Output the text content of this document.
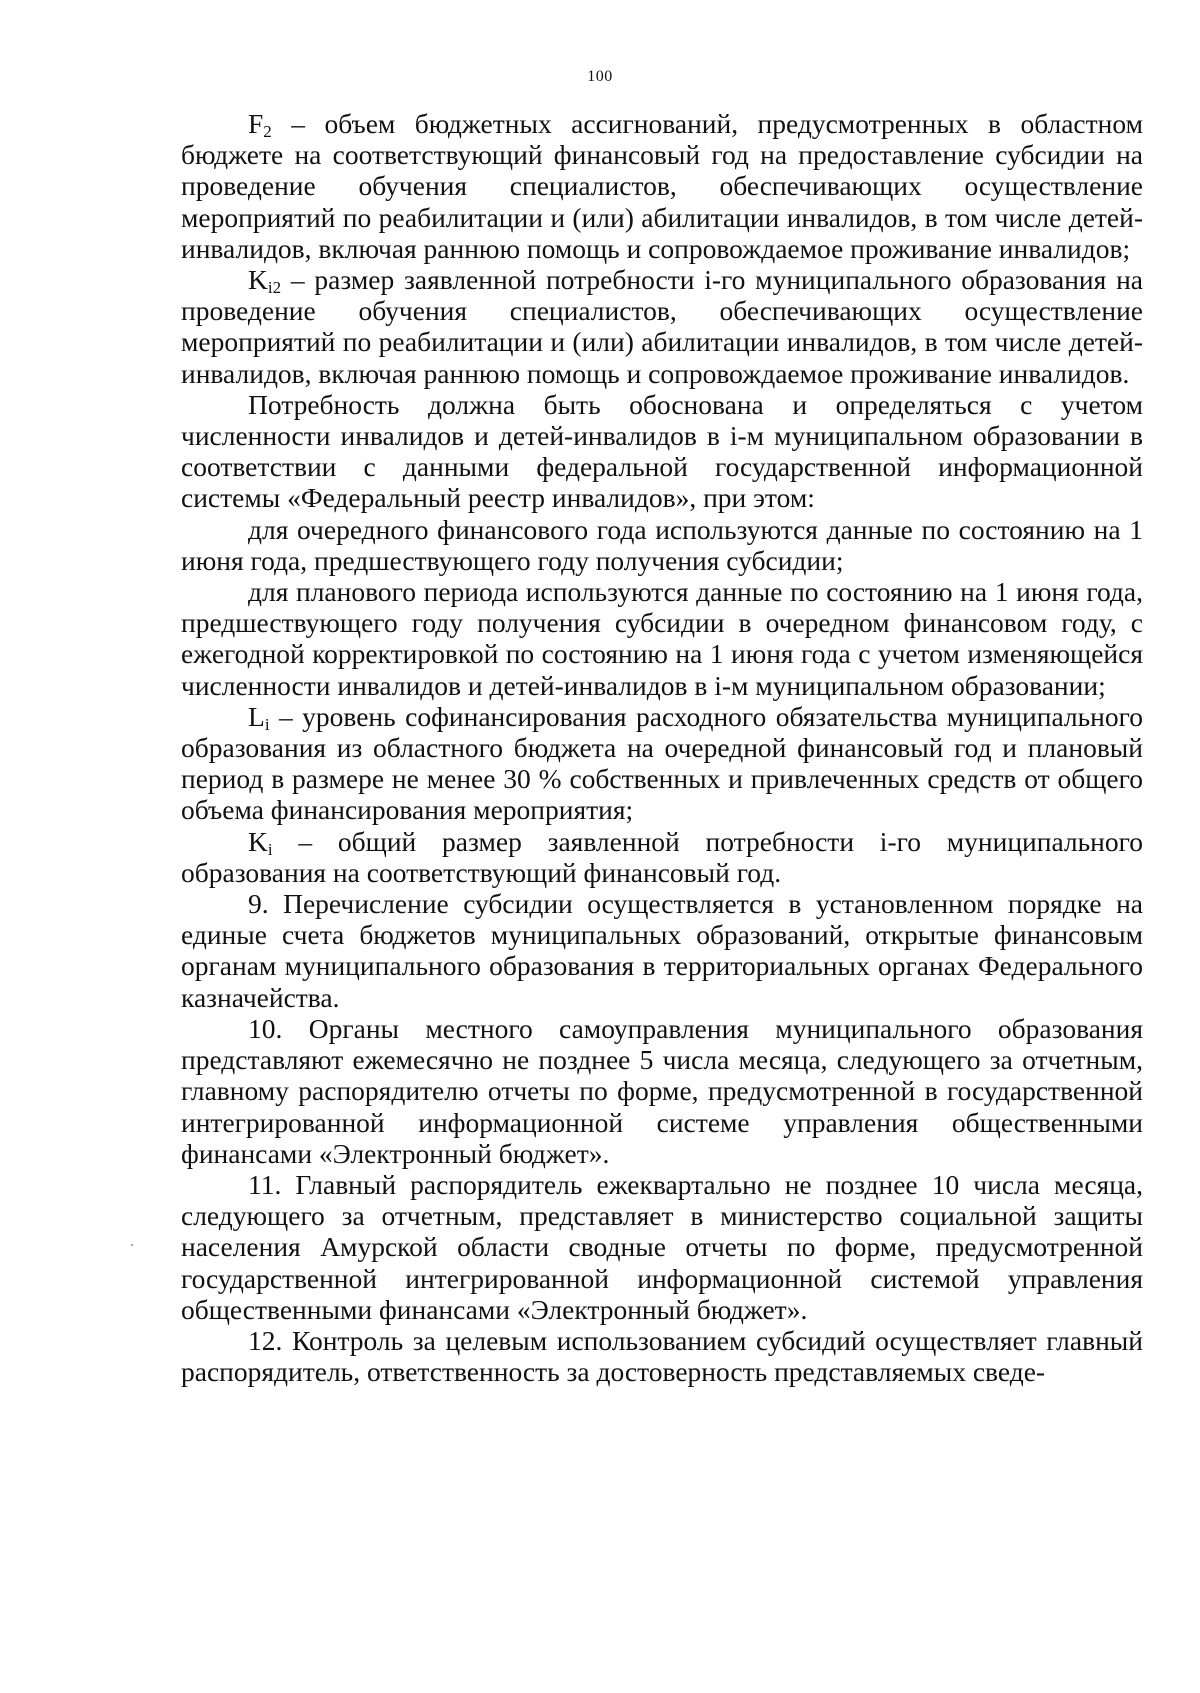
100

$F_2$ – объем бюджетных ассигнований, предусмотренных в областном бюджете на соответствующий финансовый год на предоставление субсидии на проведение обучения специалистов, обеспечивающих осуществление мероприятий по реабилитации и (или) абилитации инвалидов, в том числе детей-инвалидов, включая раннюю помощь и сопровождаемое проживание инвалидов;

$K_{i2}$ – размер заявленной потребности i-го муниципального образования на проведение обучения специалистов, обеспечивающих осуществление мероприятий по реабилитации и (или) абилитации инвалидов, в том числе детей-инвалидов, включая раннюю помощь и сопровождаемое проживание инвалидов.

Потребность должна быть обоснована и определяться с учетом численности инвалидов и детей-инвалидов в i-м муниципальном образовании в соответствии с данными федеральной государственной информационной системы «Федеральный реестр инвалидов», при этом:

для очередного финансового года используются данные по состоянию на 1 июня года, предшествующего году получения субсидии;

для планового периода используются данные по состоянию на 1 июня года, предшествующего году получения субсидии в очередном финансовом году, с ежегодной корректировкой по состоянию на 1 июня года с учетом изменяющейся численности инвалидов и детей-инвалидов в i-м муниципальном образовании;

$L_i$ – уровень софинансирования расходного обязательства муниципального образования из областного бюджета на очередной финансовый год и плановый период в размере не менее 30 % собственных и привлеченных средств от общего объема финансирования мероприятия;

$K_i$ – общий размер заявленной потребности i-го муниципального образования на соответствующий финансовый год.

9. Перечисление субсидии осуществляется в установленном порядке на единые счета бюджетов муниципальных образований, открытые финансовым органам муниципального образования в территориальных органах Федерального казначейства.

10. Органы местного самоуправления муниципального образования представляют ежемесячно не позднее 5 числа месяца, следующего за отчетным, главному распорядителю отчеты по форме, предусмотренной в государственной интегрированной информационной системе управления общественными финансами «Электронный бюджет».

11. Главный распорядитель ежеквартально не позднее 10 числа месяца, следующего за отчетным, представляет в министерство социальной защиты населения Амурской области сводные отчеты по форме, предусмотренной государственной интегрированной информационной системой управления общественными финансами «Электронный бюджет».

12. Контроль за целевым использованием субсидий осуществляет главный распорядитель, ответственность за достоверность представляемых сведе-
